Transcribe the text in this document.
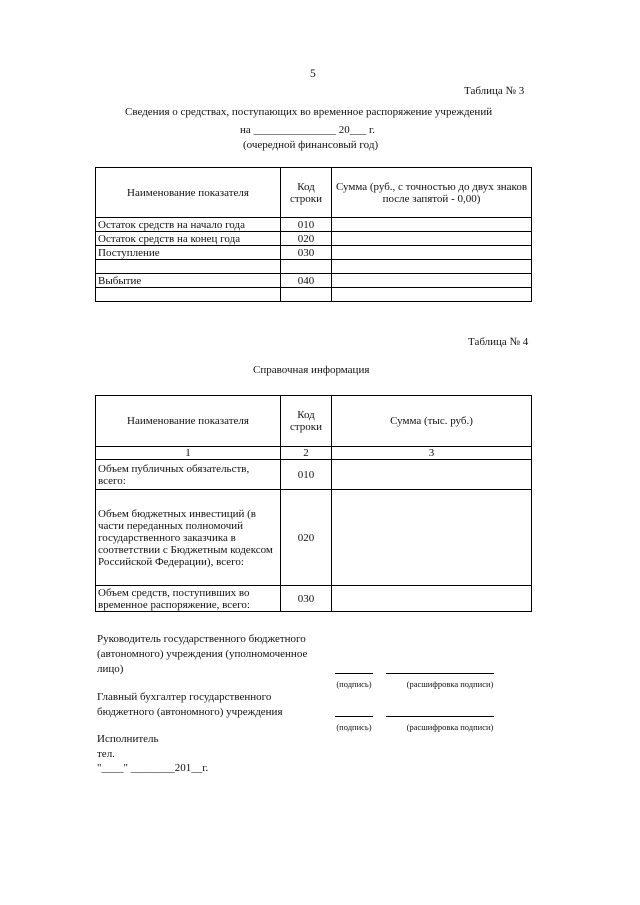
5
Таблица № 3
Сведения о средствах, поступающих во временное распоряжение учреждений
на _______________ 20___ г.
(очередной финансовый год)
Наименование показателя	Код строки	Сумма (руб., с точностью до двух знаков после запятой - 0,00)
Остаток средств на начало года	010	
Остаток средств на конец года	020	
Поступление	030	

Выбытие	040	

Таблица № 4
Справочная информация
Наименование показателя	Код строки	Сумма (тыс. руб.)
1	2	3
Объем публичных обязательств, всего:	010	
Объем бюджетных инвестиций (в части переданных полномочий государственного заказчика в соответствии с Бюджетным кодексом Российской Федерации), всего:	020	
Объем средств, поступивших во временное распоряжение, всего:	030	
Руководитель государственного бюджетного (автономного) учреждения (уполномоченное лицо)
(подпись)	(расшифровка подписи)
Главный бухгалтер государственного бюджетного (автономного) учреждения
(подпись)	(расшифровка подписи)
Исполнитель
тел.
"____" ________201__г.
